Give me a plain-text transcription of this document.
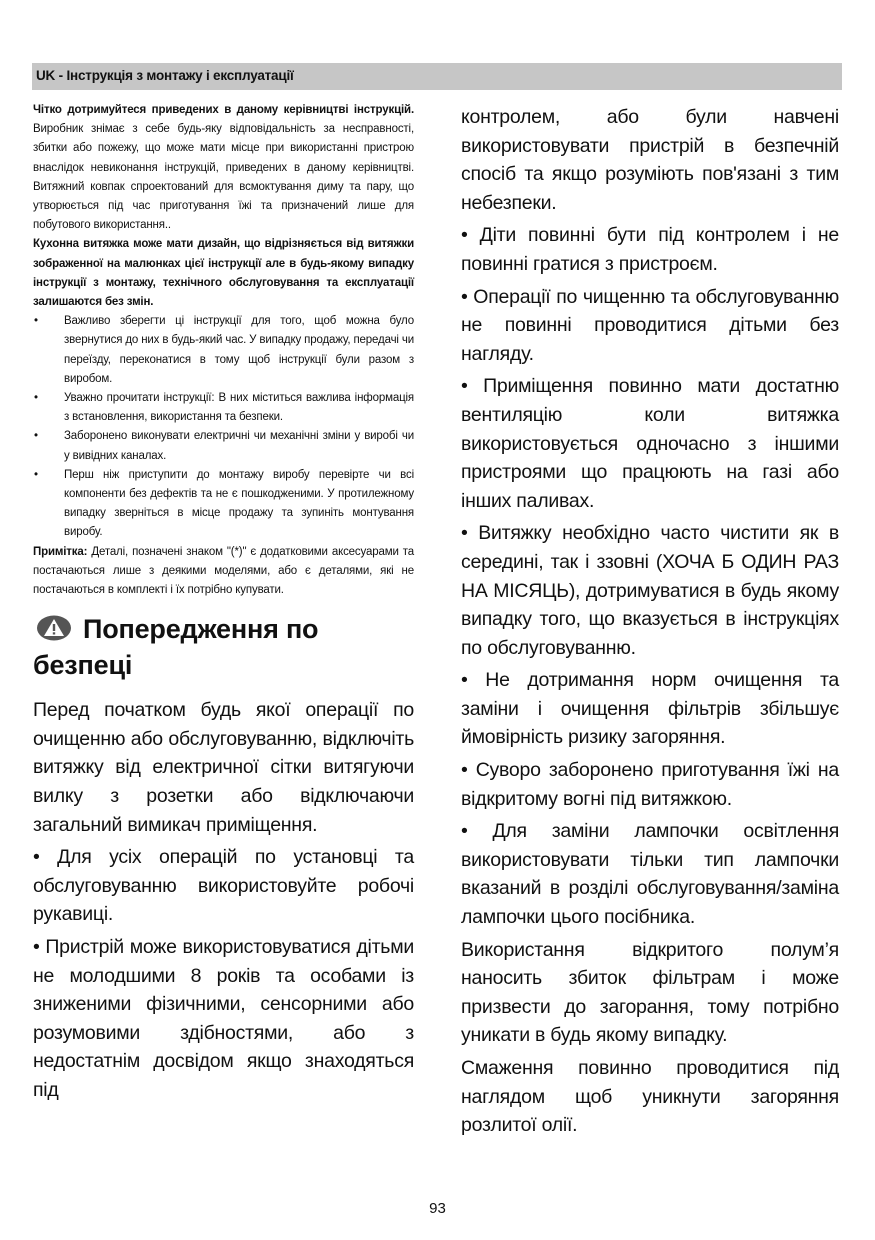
UK - Інструкція з монтажу і експлуатації

Чітко дотримуйтеся приведених в даному керівництві інструкцій. Виробник знімає з себе будь-яку відповідальність за несправності, збитки або пожежу, що може мати місце при використанні пристрою внаслідок невиконання інструкцій, приведених в даному керівництві. Витяжний ковпак спроектований для всмоктування диму та пару, що утворюється під час приготування їжі та призначений лише для побутового використання..

Кухонна витяжка може мати дизайн, що відрізняється від витяжки зображенної на малюнках цієї інструкції але в будь-якому випадку інструкції з монтажу, технічного обслуговування та експлуатації залишаются без змін.

• Важливо зберегти ці інструкції для того, щоб можна було звернутися до них в будь-який час. У випадку продажу, передачі чи переїзду, переконатися в тому щоб інструкції були разом з виробом.
• Уважно прочитати інструкції: В них міститься важлива інформація з встановлення, використання та безпеки.
• Заборонено виконувати електричні чи механічні зміни у виробі чи у вивідних каналах.
• Перш ніж приступити до монтажу виробу перевірте чи всі компоненти без дефектів та не є пошкодженими. У протилежному випадку зверніться в місце продажу та зупиніть монтування виробу.

Примітка: Деталі, позначені знаком "(*)" є додатковими аксесуарами та постачаються лише з деякими моделями, або є деталями, які не постачаються в комплекті і їх потрібно купувати.

Попередження по
безпеці

Перед початком будь якої операції по очищенню або обслуговуванню, відключіть витяжку від електричної сітки витягуючи вилку з розетки або відключаючи загальний вимикач приміщення.

• Для усіх операцій по установці та обслуговуванню використовуйте робочі рукавиці.

• Пристрій може використовуватися дітьми не молодшими 8 років та особами із зниженими фізичними, сенсорними або розумовими здібностями, або з недостатнім досвідом якщо знаходяться під

контролем, або були навчені використовувати пристрій в безпечній спосіб та якщо розуміють пов'язані з тим небезпеки.

• Діти повинні бути під контролем і не повинні гратися з пристроєм.

• Операції по чищенню та обслуговуванню не повинні проводитися дітьми без нагляду.

• Приміщення повинно мати достатню вентиляцію коли витяжка використовується одночасно з іншими пристроями що працюють на газі або інших паливах.

• Витяжку необхідно часто чистити як в середині, так і ззовні (ХОЧА Б ОДИН РАЗ НА МІСЯЦЬ), дотримуватися в будь якому випадку того, що вказується в інструкціях по обслуговуванню.

• Не дотримання норм очищення та заміни і очищення фільтрів збільшує ймовірність ризику загоряння.

• Суворо заборонено приготування їжі на відкритому вогні під витяжкою.

• Для заміни лампочки освітлення використовувати тільки тип лампочки вказаний в розділі обслуговування/заміна лампочки цього посібника.

Використання відкритого полум’я наносить збиток фільтрам і може призвести до загорання, тому потрібно уникати в будь якому випадку.

Смаження повинно проводитися під наглядом щоб уникнути загоряння розлитої олії.

93
